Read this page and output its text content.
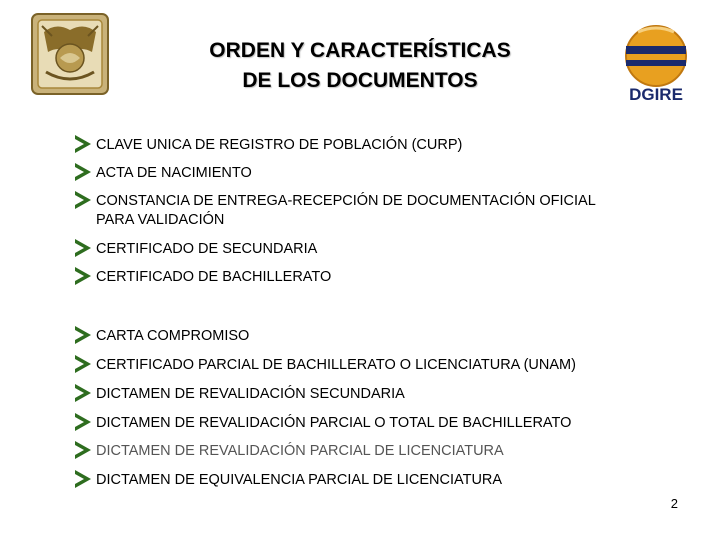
DGIRE
ORDEN Y CARACTERÍSTICAS
DE LOS DOCUMENTOS
CLAVE UNICA DE REGISTRO DE POBLACIÓN (CURP)
ACTA DE NACIMIENTO
CONSTANCIA DE ENTREGA-RECEPCIÓN DE DOCUMENTACIÓN OFICIAL
PARA VALIDACIÓN
CERTIFICADO DE SECUNDARIA
CERTIFICADO DE BACHILLERATO
CARTA COMPROMISO
CERTIFICADO PARCIAL DE BACHILLERATO O LICENCIATURA (UNAM)
DICTAMEN DE REVALIDACIÓN SECUNDARIA
DICTAMEN DE REVALIDACIÓN PARCIAL O TOTAL DE BACHILLERATO
DICTAMEN DE REVALIDACIÓN PARCIAL DE LICENCIATURA
DICTAMEN DE EQUIVALENCIA PARCIAL DE LICENCIATURA
2
